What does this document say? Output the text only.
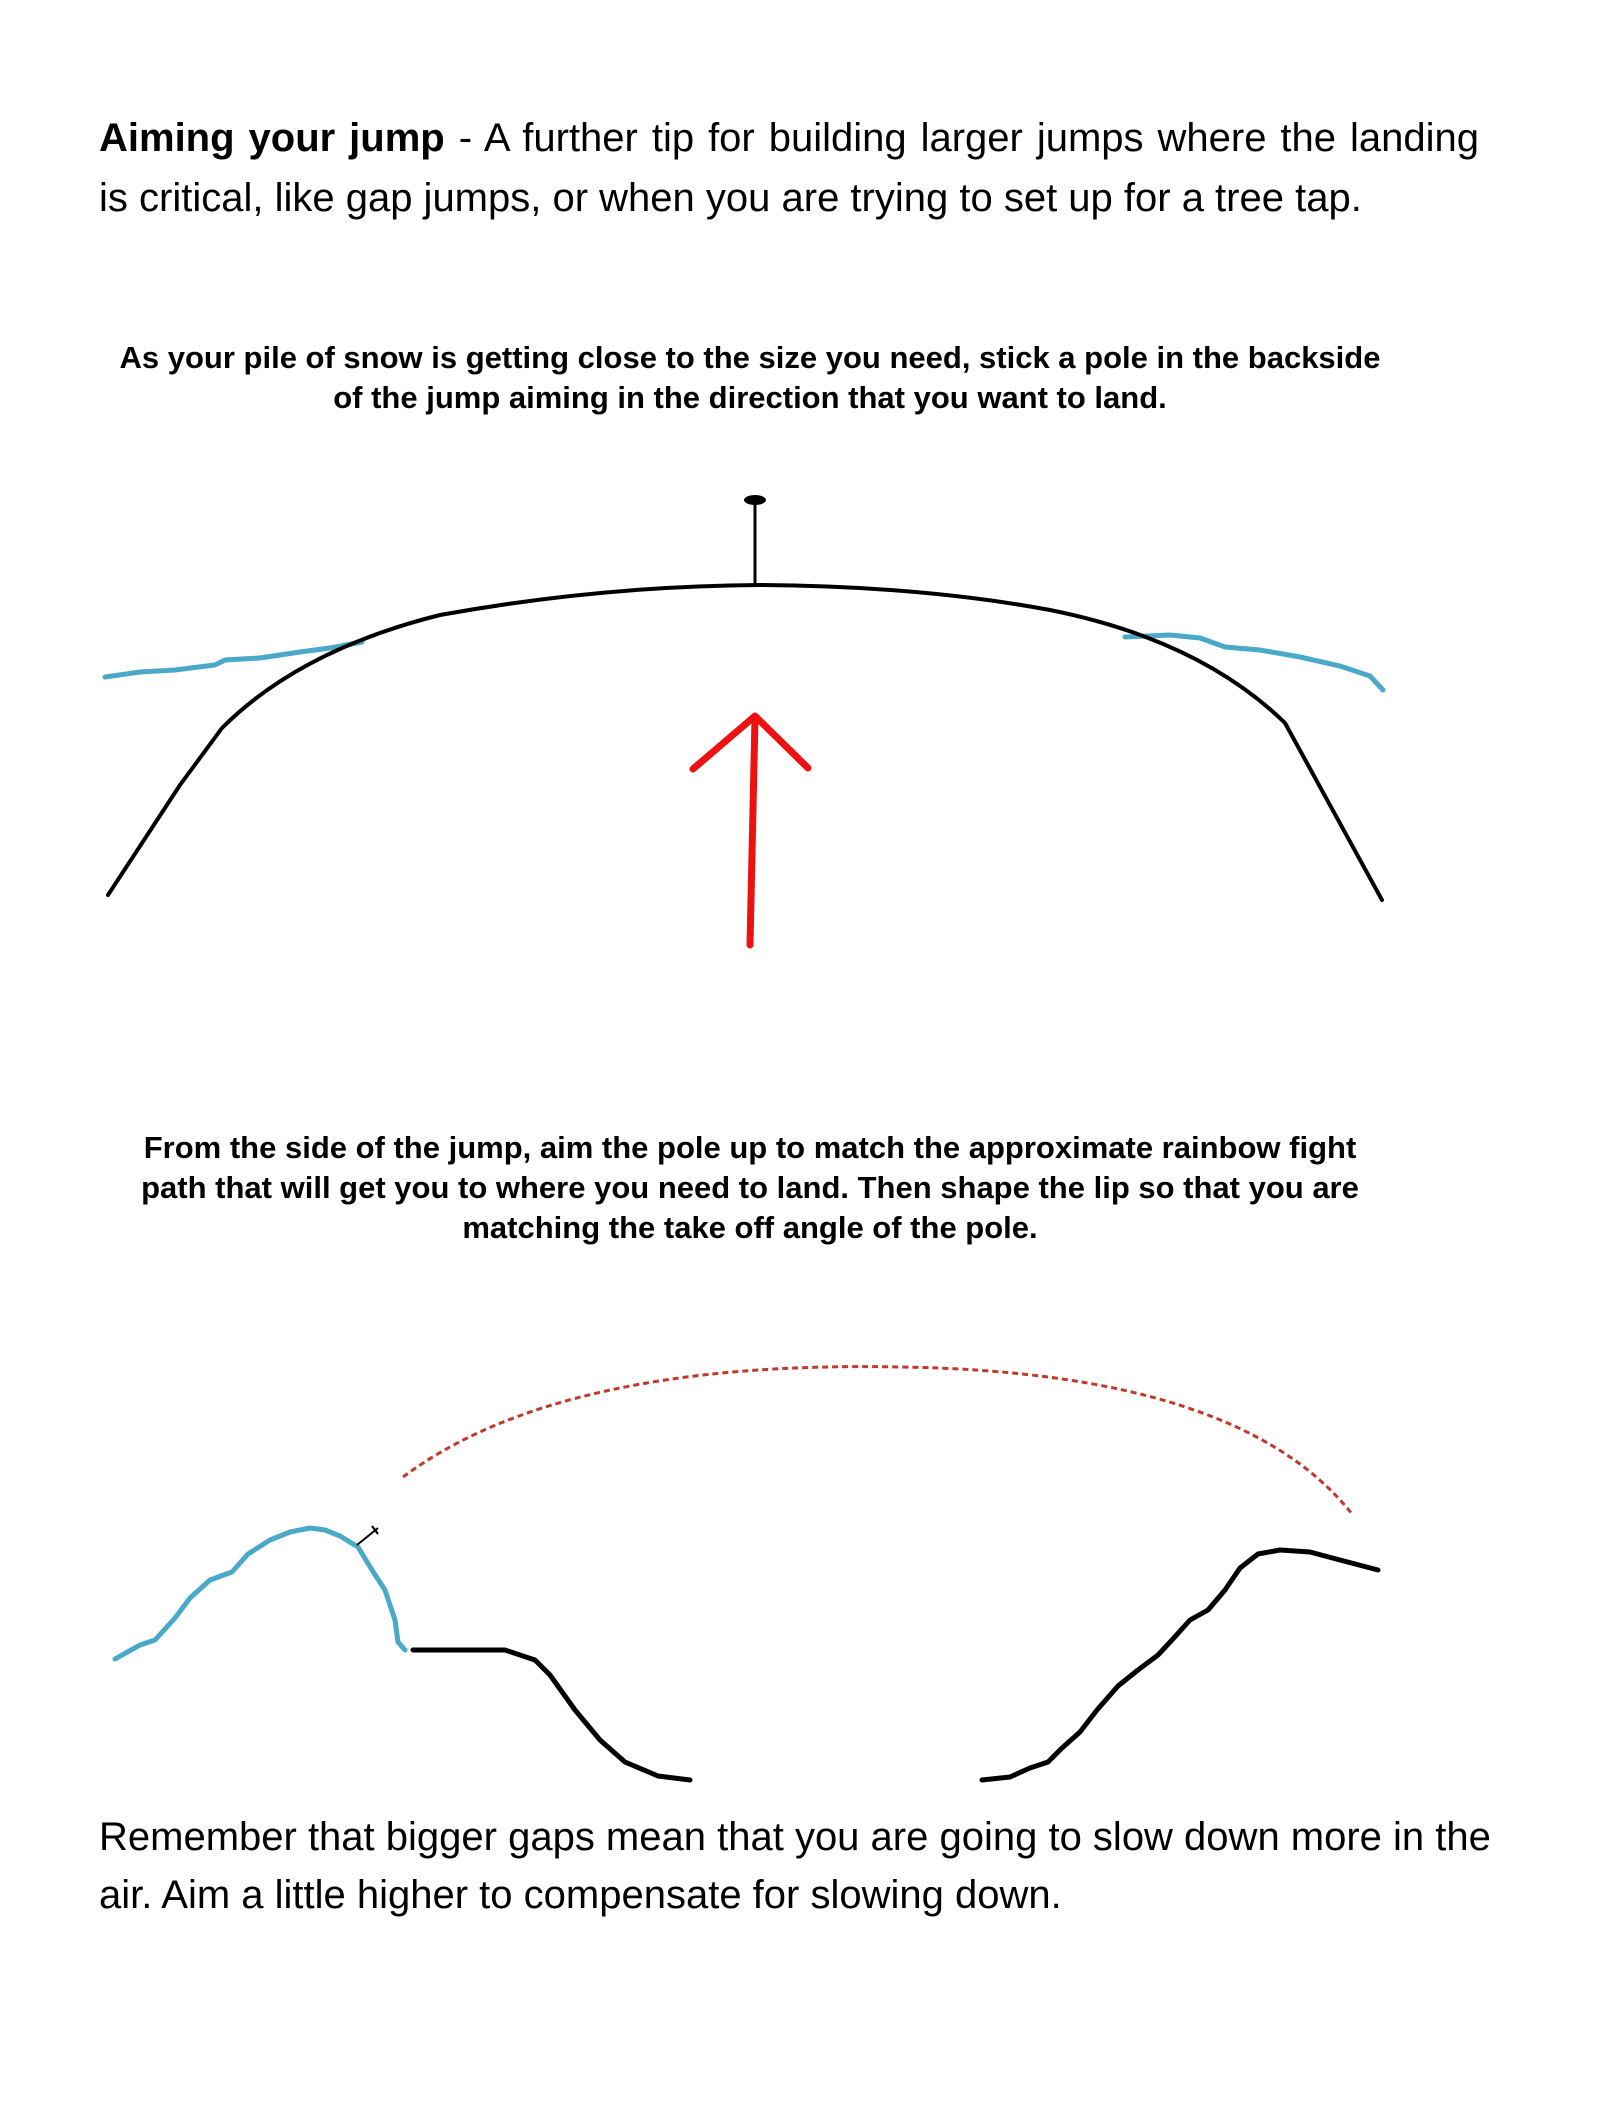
Aiming your jump - A further tip for building larger jumps where the landing is critical, like gap jumps, or when you are trying to set up for a tree tap.
As your pile of snow is getting close to the size you need, stick a pole in the backside of the jump aiming in the direction that you want to land.
From the side of the jump, aim the pole up to match the approximate rainbow fight path that will get you to where you need to land. Then shape the lip so that you are matching the take off angle of the pole.
Remember that bigger gaps mean that you are going to slow down more in the air. Aim a little higher to compensate for slowing down.
